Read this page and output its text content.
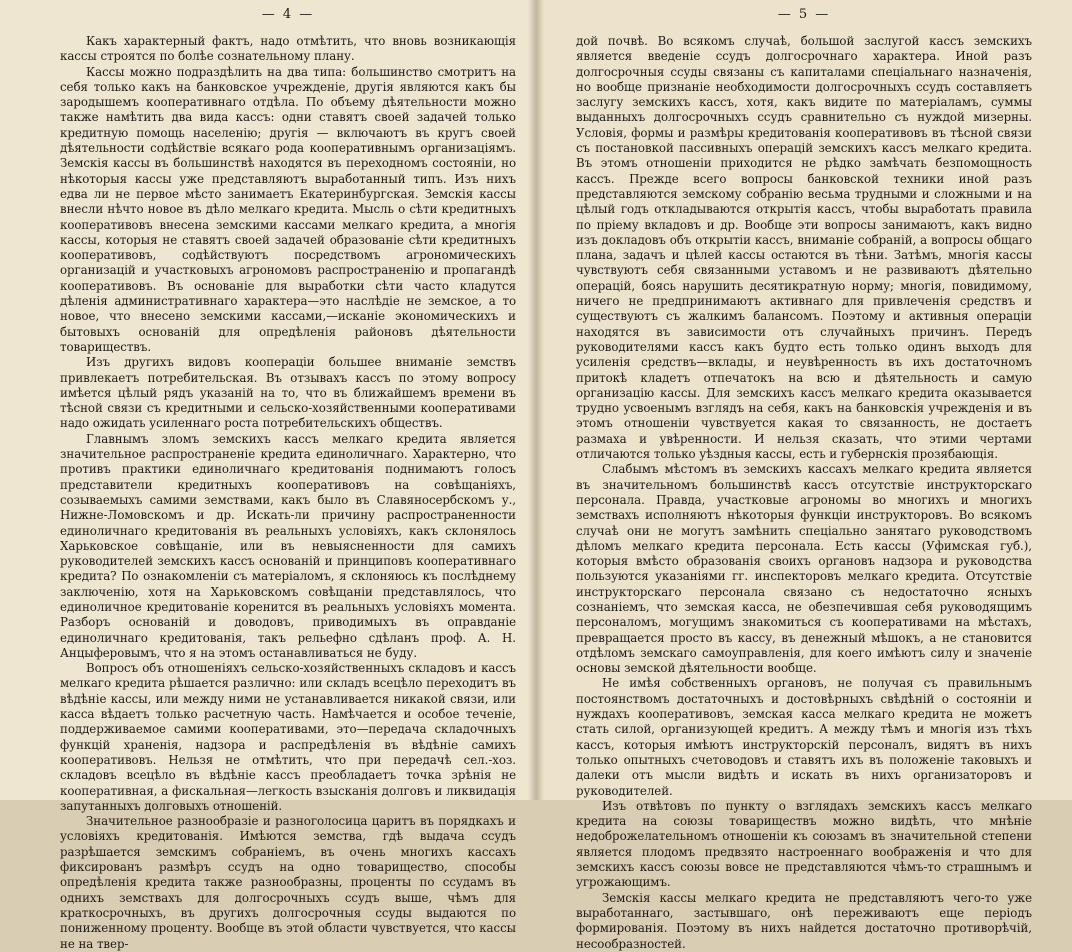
— 4 —

Какъ характерный фактъ, надо отмѣтить, что вновь возникающія кассы строятся по болѣе сознательному плану.

Кассы можно подраздѣлить на два типа: большинство смотритъ на себя только какъ на банковское учрежденіе, другія являются какъ бы зародышемъ кооперативнаго отдѣла. По объему дѣятельности можно также намѣтить два вида кассъ: одни ставятъ своей задачей только кредитную помощь населенію; другія — включаютъ въ кругъ своей дѣятельности содѣйствіе всякаго рода кооперативнымъ организаціямъ. Земскія кассы въ большинствѣ находятся въ переходномъ состояніи, но нѣкоторыя кассы уже представляютъ выработанный типъ. Изъ нихъ едва ли не первое мѣсто занимаетъ Екатеринбургская. Земскія кассы внесли нѣчто новое въ дѣло мелкаго кредита. Мысль о сѣти кредитныхъ кооперативовъ внесена земскими кассами мелкаго кредита, а многія кассы, которыя не ставятъ своей задачей образованіе сѣти кредитныхъ кооперативовъ, содѣйствуютъ посредствомъ агрономическихъ организацій и участковыхъ агрономовъ распространенію и пропагандѣ кооперативовъ. Въ основаніе для выработки сѣти часто кладутся дѣленія административнаго характера—это наслѣдіе не земское, а то новое, что внесено земскими кассами,—исканіе экономическихъ и бытовыхъ основаній для опредѣленія районовъ дѣятельности товариществъ.

Изъ другихъ видовъ коопераціи большее вниманіе земствъ привлекаетъ потребительская. Въ отзывахъ кассъ по этому вопросу имѣется цѣлый рядъ указаній на то, что въ ближайшемъ времени въ тѣсной связи съ кредитными и сельско-хозяйственными кооперативами надо ожидать усиленнаго роста потребительскихъ обществъ.

Главнымъ зломъ земскихъ кассъ мелкаго кредита является значительное распространеніе кредита единоличнаго. Характерно, что противъ практики единоличнаго кредитованія поднимаютъ голосъ представители кредитныхъ кооперативовъ на совѣщаніяхъ, созываемыхъ самими земствами, какъ было въ Славяносербскомъ у., Нижне-Ломовскомъ и др. Искать-ли причину распространенности единоличнаго кредитованія въ реальныхъ условіяхъ, какъ склонялось Харьковское совѣщаніе, или въ невыясненности для самихъ руководителей земскихъ кассъ основаній и принциповъ кооперативнаго кредита? По ознакомленіи съ матеріаломъ, я склоняюсь къ послѣднему заключенію, хотя на Харьковскомъ совѣщаніи представлялось, что единоличное кредитованіе коренится въ реальныхъ условіяхъ момента. Разборъ основаній и доводовъ, приводимыхъ въ оправданіе единоличнаго кредитованія, такъ рельефно сдѣланъ проф. А. Н. Анцыферовымъ, что я на этомъ останавливаться не буду.

Вопросъ объ отношеніяхъ сельско-хозяйственныхъ складовъ и кассъ мелкаго кредита рѣшается различно: или складъ всецѣло переходитъ въ вѣдѣніе кассы, или между ними не устанавливается никакой связи, или касса вѣдаетъ только расчетную часть. Намѣчается и особое теченіе, поддерживаемое самими кооперативами, это—передача складочныхъ функцій храненія, надзора и распредѣленія въ вѣдѣніе самихъ кооперативовъ. Нельзя не отмѣтить, что при передачѣ сел.-хоз. складовъ всецѣло въ вѣдѣніе кассъ преобладаетъ точка зрѣнія не кооперативная, а фискальная—легкость взысканія долговъ и ликвидація запутанныхъ долговыхъ отношеній.

Значительное разнообразіе и разноголосица царитъ въ порядкахъ и условіяхъ кредитованія. Имѣются земства, гдѣ выдача ссудъ разрѣшается земскимъ собраніемъ, въ очень многихъ кассахъ фиксированъ размѣръ ссудъ на одно товарищество, способы опредѣленія кредита также разнообразны, проценты по ссудамъ въ однихъ земствахъ для долгосрочныхъ ссудъ выше, чѣмъ для краткосрочныхъ, въ другихъ долгосрочныя ссуды выдаются по пониженному проценту. Вообще въ этой области чувствуется, что кассы не на твер-

— 5 —

дой почвѣ. Во всякомъ случаѣ, большой заслугой кассъ земскихъ является введеніе ссудъ долгосрочнаго характера. Иной разъ долгосрочныя ссуды связаны съ капиталами спеціальнаго назначенія, но вообще признаніе необходимости долгосрочныхъ ссудъ составляетъ заслугу земскихъ кассъ, хотя, какъ видите по матеріаламъ, суммы выданныхъ долгосрочныхъ ссудъ сравнительно съ нуждой мизерны. Условія, формы и размѣры кредитованія кооперативовъ въ тѣсной связи съ постановкой пассивныхъ операцій земскихъ кассъ мелкаго кредита. Въ этомъ отношеніи приходится не рѣдко замѣчать безпомощность кассъ. Прежде всего вопросы банковской техники иной разъ представляются земскому собранію весьма трудными и сложными и на цѣлый годъ откладываются открытія кассъ, чтобы выработать правила по пріему вкладовъ и др. Вообще эти вопросы занимаютъ, какъ видно изъ докладовъ объ открытіи кассъ, вниманіе собраній, а вопросы общаго плана, задачъ и цѣлей кассы остаются въ тѣни. Затѣмъ, многія кассы чувствуютъ себя связанными уставомъ и не развиваютъ дѣятельно операцій, боясь нарушить десятикратную норму; многія, повидимому, ничего не предпринимаютъ активнаго для привлеченія средствъ и существуютъ съ жалкимъ балансомъ. Поэтому и активныя операціи находятся въ зависимости отъ случайныхъ причинъ. Передъ руководителями кассъ какъ будто есть только одинъ выходъ для усиленія средствъ—вклады, и неувѣренность въ ихъ достаточномъ притокѣ кладетъ отпечатокъ на всю и дѣятельность и самую организацію кассы. Для земскихъ кассъ мелкаго кредита оказывается трудно усвоенымъ взглядъ на себя, какъ на банковскія учрежденія и въ этомъ отношеніи чувствуется какая то связанность, не достаетъ размаха и увѣренности. И нельзя сказать, что этими чертами отличаются только уѣздныя кассы, есть и губернскія прозябающія.

Слабымъ мѣстомъ въ земскихъ кассахъ мелкаго кредита является въ значительномъ большинствѣ кассъ отсутствіе инструкторскаго персонала. Правда, участковые агрономы во многихъ и многихъ земствахъ исполняютъ нѣкоторыя функціи инструкторовъ. Во всякомъ случаѣ они не могутъ замѣнить спеціально занятаго руководствомъ дѣломъ мелкаго кредита персонала. Есть кассы (Уфимская губ.), которыя вмѣсто образованія своихъ органовъ надзора и руководства пользуются указаніями гг. инспекторовъ мелкаго кредита. Отсутствіе инструкторскаго персонала связано съ недостаточно ясныхъ сознаніемъ, что земская касса, не обезпечившая себя руководящимъ персоналомъ, могущимъ знакомиться съ кооперативами на мѣстахъ, превращается просто въ кассу, въ денежный мѣшокъ, а не становится отдѣломъ земскаго самоуправленія, для коего имѣютъ силу и значеніе основы земской дѣятельности вообще.

Не имѣя собственныхъ органовъ, не получая съ правильнымъ постоянствомъ достаточныхъ и достовѣрныхъ свѣдѣній о состояніи и нуждахъ кооперативовъ, земская касса мелкаго кредита не можетъ стать силой, организующей кредитъ. А между тѣмъ и многія изъ тѣхъ кассъ, которыя имѣютъ инструкторскій персоналъ, видятъ въ нихъ только опытныхъ счетоводовъ и ставятъ ихъ въ положеніе таковыхъ и далеки отъ мысли видѣть и искать въ нихъ организаторовъ и руководителей.

Изъ отвѣтовъ по пункту о взглядахъ земскихъ кассъ мелкаго кредита на союзы товариществъ можно видѣть, что мнѣніе недоброжелательномъ отношеніи къ союзамъ въ значительной степени является плодомъ предвзято настроеннаго воображенія и что для земскихъ кассъ союзы вовсе не представляются чѣмъ-то страшнымъ и угрожающимъ.

Земскія кассы мелкаго кредита не представляютъ чего-то уже выработаннаго, застывшаго, онѣ переживаютъ еще періодъ формированія. Поэтому въ нихъ найдется достаточно противорѣчій, несообразностей.
